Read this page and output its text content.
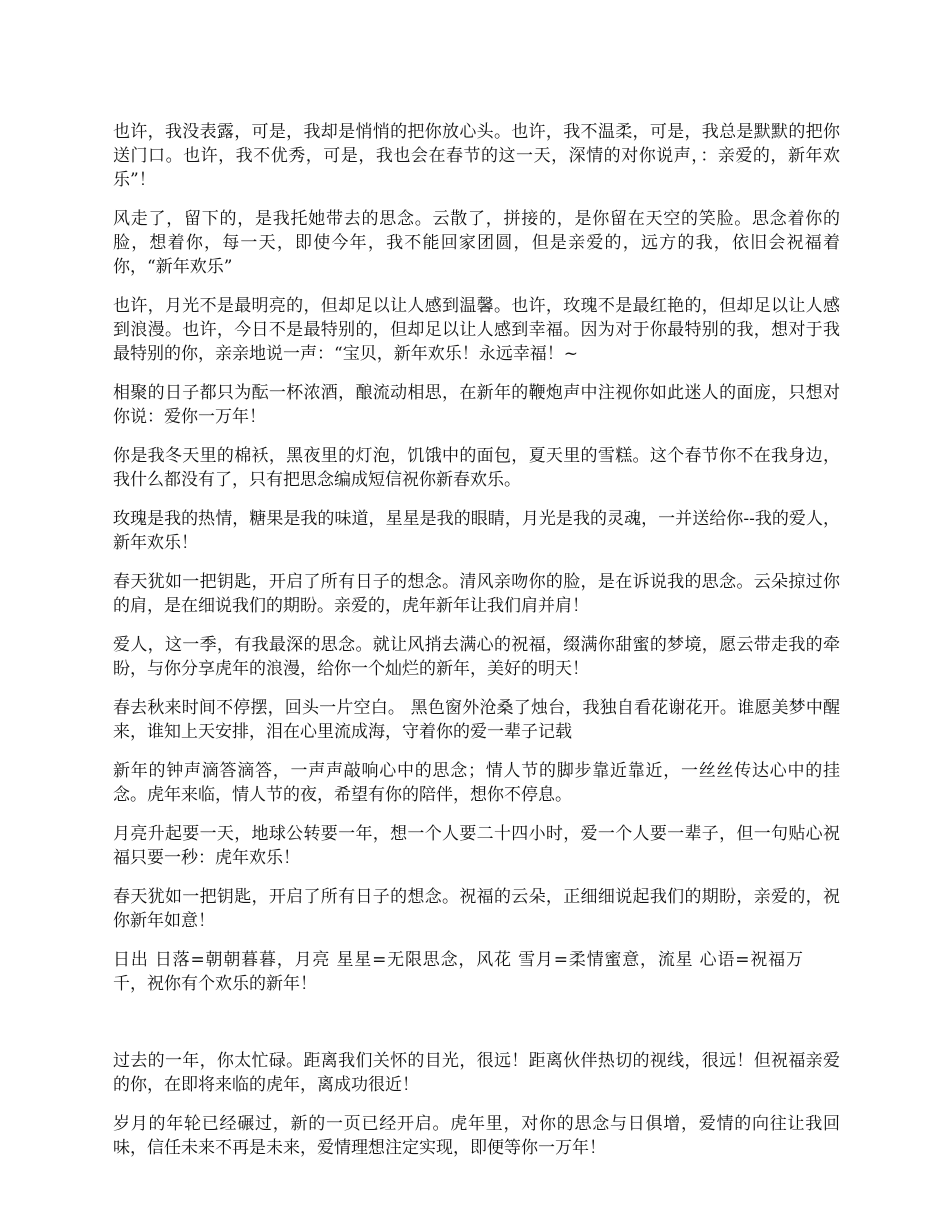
也许，我没表露，可是，我却是悄悄的把你放心头。也许，我不温柔，可是，我总是默默的把你送门口。也许，我不优秀，可是，我也会在春节的这一天，深情的对你说声，：亲爱的，新年欢乐”！

风走了，留下的，是我托她带去的思念。云散了，拼接的，是你留在天空的笑脸。思念着你的脸，想着你，每一天，即使今年，我不能回家团圆，但是亲爱的，远方的我，依旧会祝福着你，“新年欢乐”

也许，月光不是最明亮的，但却足以让人感到温馨。也许，玫瑰不是最红艳的，但却足以让人感到浪漫。也许，今日不是最特别的，但却足以让人感到幸福。因为对于你最特别的我，想对于我最特别的你，亲亲地说一声：“宝贝，新年欢乐！永远幸福！~

相聚的日子都只为酝一杯浓酒，酿流动相思，在新年的鞭炮声中注视你如此迷人的面庞，只想对你说：爱你一万年！

你是我冬天里的棉袄，黑夜里的灯泡，饥饿中的面包，夏天里的雪糕。这个春节你不在我身边，我什么都没有了，只有把思念编成短信祝你新春欢乐。

玫瑰是我的热情，糖果是我的味道，星星是我的眼睛，月光是我的灵魂，一并送给你--我的爱人，新年欢乐！

春天犹如一把钥匙，开启了所有日子的想念。清风亲吻你的脸，是在诉说我的思念。云朵掠过你的肩，是在细说我们的期盼。亲爱的，虎年新年让我们肩并肩！

爱人，这一季，有我最深的思念。就让风捎去满心的祝福，缀满你甜蜜的梦境，愿云带走我的牵盼，与你分享虎年的浪漫，给你一个灿烂的新年，美好的明天！

春去秋来时间不停摆，回头一片空白。 黑色窗外沧桑了烛台，我独自看花谢花开。谁愿美梦中醒来，谁知上天安排，泪在心里流成海，守着你的爱一辈子记载

新年的钟声滴答滴答，一声声敲响心中的思念；情人节的脚步靠近靠近，一丝丝传达心中的挂念。虎年来临，情人节的夜，希望有你的陪伴，想你不停息。

月亮升起要一天，地球公转要一年，想一个人要二十四小时，爱一个人要一辈子，但一句贴心祝福只要一秒：虎年欢乐！

春天犹如一把钥匙，开启了所有日子的想念。祝福的云朵，正细细说起我们的期盼，亲爱的，祝你新年如意！

日出 日落=朝朝暮暮，月亮 星星=无限思念，风花 雪月=柔情蜜意，流星 心语=祝福万千，祝你有个欢乐的新年！

过去的一年，你太忙碌。距离我们关怀的目光，很远！距离伙伴热切的视线，很远！但祝福亲爱的你，在即将来临的虎年，离成功很近！

岁月的年轮已经碾过，新的一页已经开启。虎年里，对你的思念与日俱增，爱情的向往让我回味，信任未来不再是未来，爱情理想注定实现，即便等你一万年！
